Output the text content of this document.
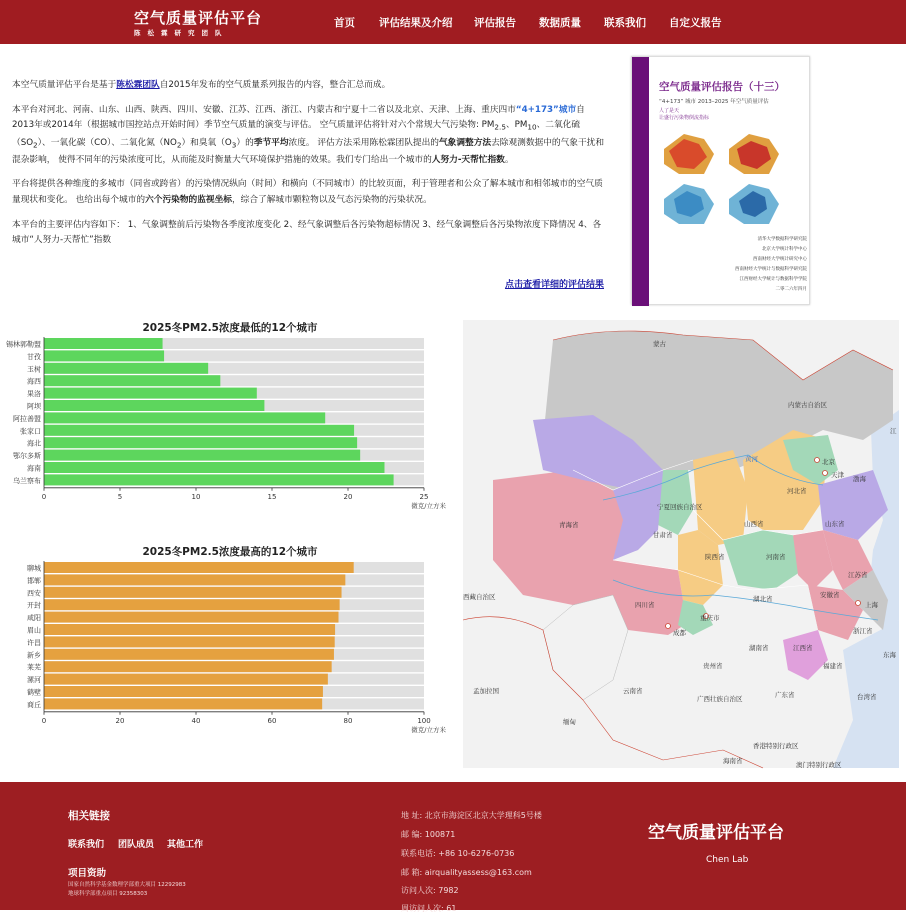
空气质量评估平台
陈松霖研究团队
首页 评估结果及介绍 评估报告 数据质量 联系我们 自定义报告

本空气质量评估平台是基于陈松霖团队自2015年发布的空气质量系列报告的内容，整合汇总而成。

本平台对河北、河南、山东、山西、陕西、四川、安徽、江苏、江西、浙江、内蒙古和宁夏十二省以及北京、天津、上海、重庆四市“4+173”城市自2013年或2014年（根据城市国控站点开始时间）季节空气质量的演变与评估。 空气质量评估将针对六个常规大气污染物: $PM_{2.5}$、$PM_{10}$、二氧化硫$(SO_2)$、一氧化碳（CO）、二氧化氮$(NO_2)$和臭氧$(O_3)$的季节平均浓度。 评估方法采用陈松霖团队提出的气象调整方法去除观测数据中的气象干扰和混杂影响， 使得不同年的污染浓度可比，从而能及时衡量大气环境保护措施的效果。我们专门给出一个城市的人努力-天帮忙指数。

平台将提供各种维度的多城市（同省或跨省）的污染情况纵向（时间）和横向（不同城市）的比较页面，利于管理者和公众了解本城市和相邻城市的空气质量现状和变化。 也给出每个城市的六个污染物的监视坐标，综合了解城市颗粒物以及气态污染物的污染状况。

本平台的主要评估内容如下： 1、气象调整前后污染物各季度浓度变化 2、经气象调整后各污染物超标情况 3、经气象调整后各污染物浓度下降情况 4、各城市“人努力-天帮忙”指数

点击查看详细的评估结果
空气质量评估报告（十三）
“4+173” 城市 2013–2025 年空气质量评估
人了是天
让盛行污染物倒流指标
清华大学数据科学研究院
北京大学统计科学中心
西南财经大学统计研究中心
西南财经大学统计与数据科学研究院
江西财经大学统计与数据科学学院
二零二六年四月
2025冬PM2.5浓度最低的12个城市
锡林郭勒盟
甘孜
玉树
海西
果洛
阿坝
阿拉善盟
张家口
海北
鄂尔多斯
海南
乌兰察布
0	5	10	15	20	25
微克/立方米
2025冬PM2.5浓度最高的12个城市
聊城
邯郸
西安
开封
咸阳
眉山
许昌
新乡
莱芜
漯河
鹤壁
商丘
0	20	40	60	80	100
微克/立方米
蒙古
内蒙古自治区
北京
天津
河北省
渤海
山西省
宁夏回族自治区
甘肃省
青海省
陕西省	河南省
山东省
黄河
西藏自治区
四川省
重庆市
湖北省	安徽省
江苏省
上海
浙江省
成都
湖南省	江西省
贵州省	福建省
云南省
广西壮族自治区	广东省	台湾省
东海
缅甸
孟加拉国
香港特别行政区
海南省	澳门特别行政区
江
相关链接
联系我们 团队成员 其他工作
项目资助
国家自然科学基金数理学部重大项目 12292983
地球科学部重点项目 92358303
地 址: 北京市海淀区北京大学理科5号楼
邮 编: 100871
联系电话: +86 10-6276-0736
邮 箱: airqualityassess@163.com
访问人次: 7982
周访问人次: 61
空气质量评估平台
Chen Lab
